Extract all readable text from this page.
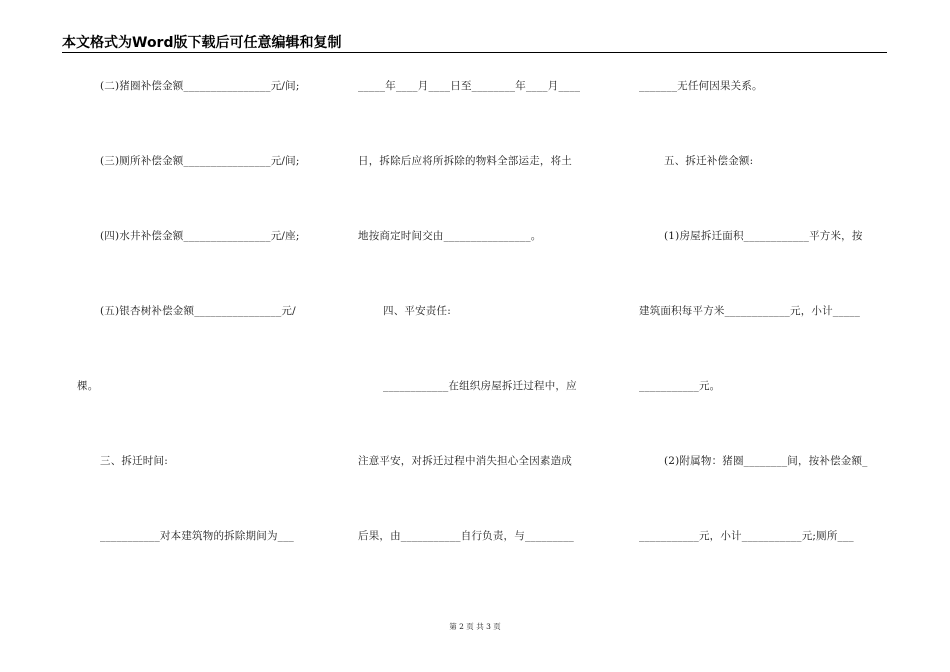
本文格式为Word版下载后可任意编辑和复制
(二)猪圈补偿金额________________元/间;
(三)厕所补偿金额________________元/间;
(四)水井补偿金额________________元/座;
(五)银杏树补偿金额________________元/
棵。
三、拆迁时间:
___________对本建筑物的拆除期间为___
_____年____月____日至________年____月____
日，拆除后应将所拆除的物料全部运走，将土
地按商定时间交由________________。
四、平安责任:
____________在组织房屋拆迁过程中，应
注意平安，对拆迁过程中消失担心全因素造成
后果，由___________自行负责，与_________
_______无任何因果关系。
五、拆迁补偿金额:
(1)房屋拆迁面积____________平方米，按
建筑面积每平方米____________元，小计_____
___________元。
(2)附属物：猪圈________间，按补偿金额_
___________元，小计___________元;厕所___
第 2 页 共 3 页
